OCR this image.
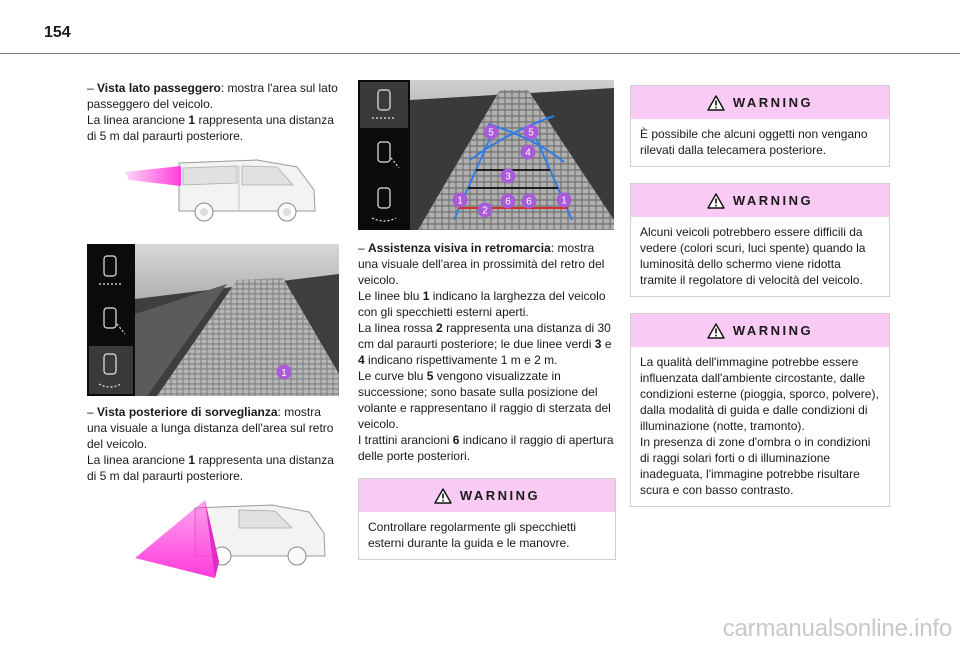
154

– Vista lato passeggero: mostra l'area sul lato passeggero del veicolo.
La linea arancione 1 rappresenta una distanza di 5 m dal paraurti posteriore.

1

– Vista posteriore di sorveglianza: mostra una visuale a lunga distanza dell'area sul retro del veicolo.
La linea arancione 1 rappresenta una distanza di 5 m dal paraurti posteriore.

5	5
4
3
1
2
6 6	1

– Assistenza visiva in retromarcia: mostra una visuale dell'area in prossimità del retro del veicolo.
Le linee blu 1 indicano la larghezza del veicolo con gli specchietti esterni aperti.
La linea rossa 2 rappresenta una distanza di 30 cm dal paraurti posteriore; le due linee verdi 3 e 4 indicano rispettivamente 1 m e 2 m.
Le curve blu 5 vengono visualizzate in successione; sono basate sulla posizione del volante e rappresentano il raggio di sterzata del veicolo.
I trattini arancioni 6 indicano il raggio di apertura delle porte posteriori.

WARNING
Controllare regolarmente gli specchietti esterni durante la guida e le manovre.
WARNING
È possibile che alcuni oggetti non vengano rilevati dalla telecamera posteriore.
WARNING
Alcuni veicoli potrebbero essere difficili da vedere (colori scuri, luci spente) quando la luminosità dello schermo viene ridotta tramite il regolatore di velocità del veicolo.
WARNING
La qualità dell'immagine potrebbe essere influenzata dall'ambiente circostante, dalle condizioni esterne (pioggia, sporco, polvere), dalla modalità di guida e dalle condizioni di illuminazione (notte, tramonto).
In presenza di zone d'ombra o in condizioni di raggi solari forti o di illuminazione inadeguata, l'immagine potrebbe risultare scura e con basso contrasto.
carmanualsonline.info
